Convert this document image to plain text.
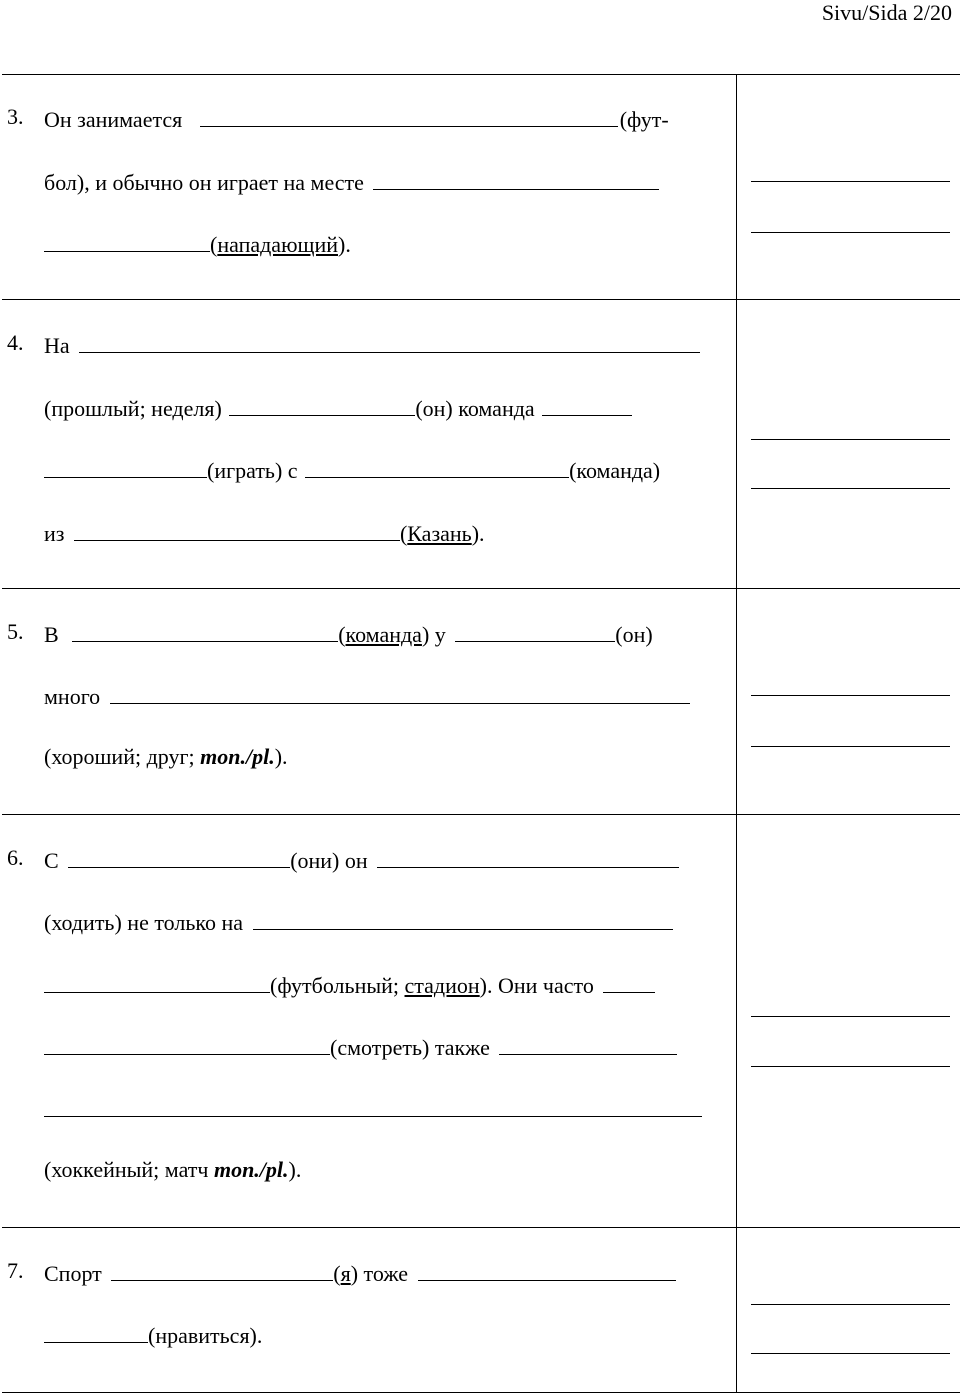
Sivu/Sida 2/20
3. Он занимается	(фут-
бол), и обычно он играет на месте
(нападающий).
4. На
(прошлый; неделя)	(он) команда
(играть) с	(команда)
из	(Казань).
5. В	(команда) у	(он)
много
(хороший; друг; mon./pl.).
6. С	(они) он
(ходить) не только на
(футбольный; стадион). Они часто
(смотреть) также
(хоккейный; матч mon./pl.).
7. Спорт	(я) тоже
(нравиться).
